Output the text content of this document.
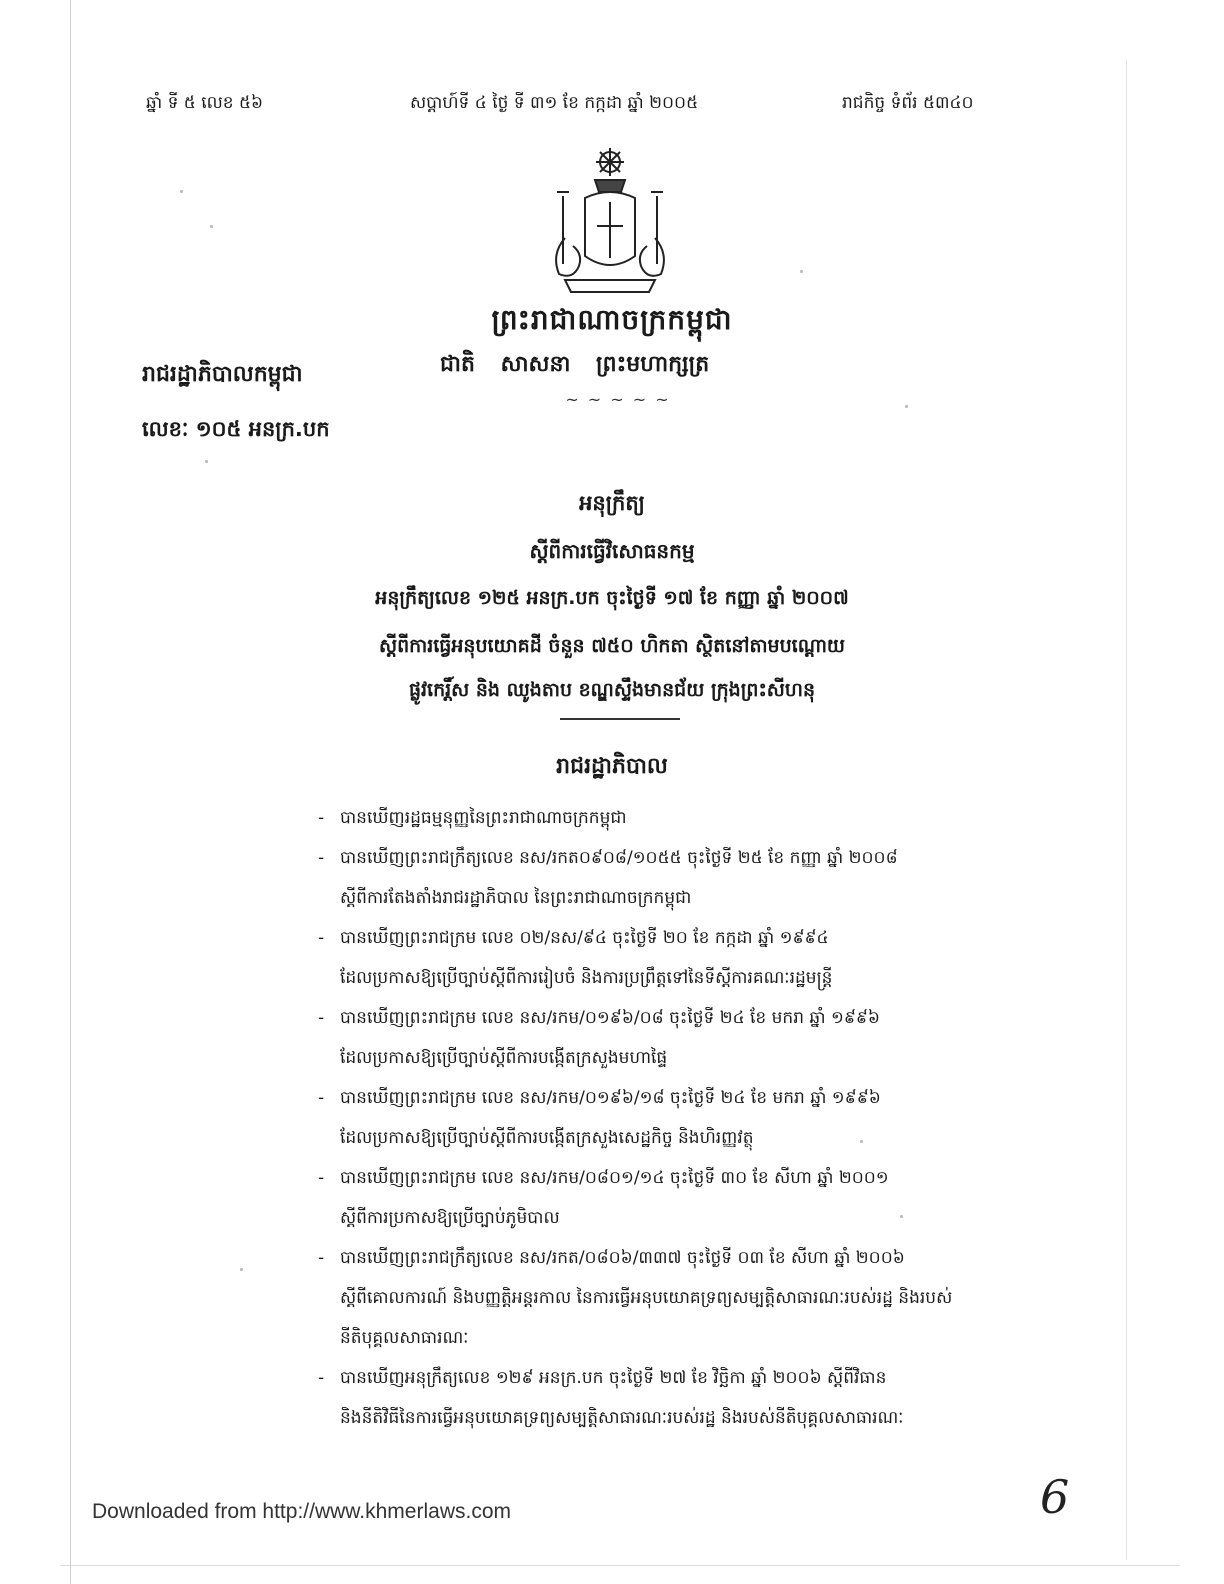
ឆ្នាំ ទី ៥ លេខ ៥៦	សប្តាហ៍ទី ៤ ថ្ងៃ ទី ៣១ ខែ កក្កដា ឆ្នាំ ២០០៥	រាជកិច្ច ទំព័រ ៥៣៤០
ព្រះរាជាណាចក្រកម្ពុជា
ជាតិ សាសនា ព្រះមហាក្សត្រ
~ ~ ~ ~ ~
រាជរដ្ឋាភិបាលកម្ពុជា
លេខៈ ១០៥ អនក្រ.បក
អនុក្រឹត្យ
ស្តីពីការធ្វើវិសោធនកម្ម
អនុក្រឹត្យលេខ ១២៥ អនក្រ.បក ចុះថ្ងៃទី ១៧ ខែ កញ្ញា ឆ្នាំ ២០០៧
ស្តីពីការធ្វើអនុបយោគដី ចំនួន ៧៥០ ហិកតា ស្ថិតនៅតាមបណ្តោយ
ផ្លូវកេរ្តិ៍ស និង ឈូងតាប ខណ្ឌស្ទឹងមានជ័យ ក្រុងព្រះសីហនុ
រាជរដ្ឋាភិបាល
- បានឃើញរដ្ឋធម្មនុញ្ញនៃព្រះរាជាណាចក្រកម្ពុជា
- បានឃើញព្រះរាជក្រឹត្យលេខ នស/រកត០៩០៨/១០៥៥ ចុះថ្ងៃទី ២៥ ខែ កញ្ញា ឆ្នាំ ២០០៨
ស្តីពីការតែងតាំងរាជរដ្ឋាភិបាល នៃព្រះរាជាណាចក្រកម្ពុជា
- បានឃើញព្រះរាជក្រម លេខ ០២/នស/៩៤ ចុះថ្ងៃទី ២០ ខែ កក្កដា ឆ្នាំ ១៩៩៤
ដែលប្រកាសឱ្យប្រើច្បាប់ស្តីពីការរៀបចំ និងការប្រព្រឹត្តទៅនៃទីស្តីការគណៈរដ្ឋមន្ត្រី
- បានឃើញព្រះរាជក្រម លេខ នស/រកម/០១៩៦/០៨ ចុះថ្ងៃទី ២៤ ខែ មករា ឆ្នាំ ១៩៩៦
ដែលប្រកាសឱ្យប្រើច្បាប់ស្តីពីការបង្កើតក្រសួងមហាផ្ទៃ
- បានឃើញព្រះរាជក្រម លេខ នស/រកម/០១៩៦/១៨ ចុះថ្ងៃទី ២៤ ខែ មករា ឆ្នាំ ១៩៩៦
ដែលប្រកាសឱ្យប្រើច្បាប់ស្តីពីការបង្កើតក្រសួងសេដ្ឋកិច្ច និងហិរញ្ញវត្ថុ
- បានឃើញព្រះរាជក្រម លេខ នស/រកម/០៨០១/១៤ ចុះថ្ងៃទី ៣០ ខែ សីហា ឆ្នាំ ២០០១
ស្តីពីការប្រកាសឱ្យប្រើច្បាប់ភូមិបាល
- បានឃើញព្រះរាជក្រឹត្យលេខ នស/រកត/០៨០៦/៣៣៧ ចុះថ្ងៃទី ០៣ ខែ សីហា ឆ្នាំ ២០០៦
ស្តីពីគោលការណ៍ និងបញ្ញត្តិអន្តរកាល នៃការធ្វើអនុបយោគទ្រព្យសម្បត្តិសាធារណៈរបស់រដ្ឋ និងរបស់
នីតិបុគ្គលសាធារណៈ
- បានឃើញអនុក្រឹត្យលេខ ១២៩ អនក្រ.បក ចុះថ្ងៃទី ២៧ ខែ វិច្ឆិកា ឆ្នាំ ២០០៦ ស្តីពីវិធាន
និងនីតិវិធីនៃការធ្វើអនុបយោគទ្រព្យសម្បត្តិសាធារណៈរបស់រដ្ឋ និងរបស់នីតិបុគ្គលសាធារណៈ
Downloaded from http://www.khmerlaws.com	6
